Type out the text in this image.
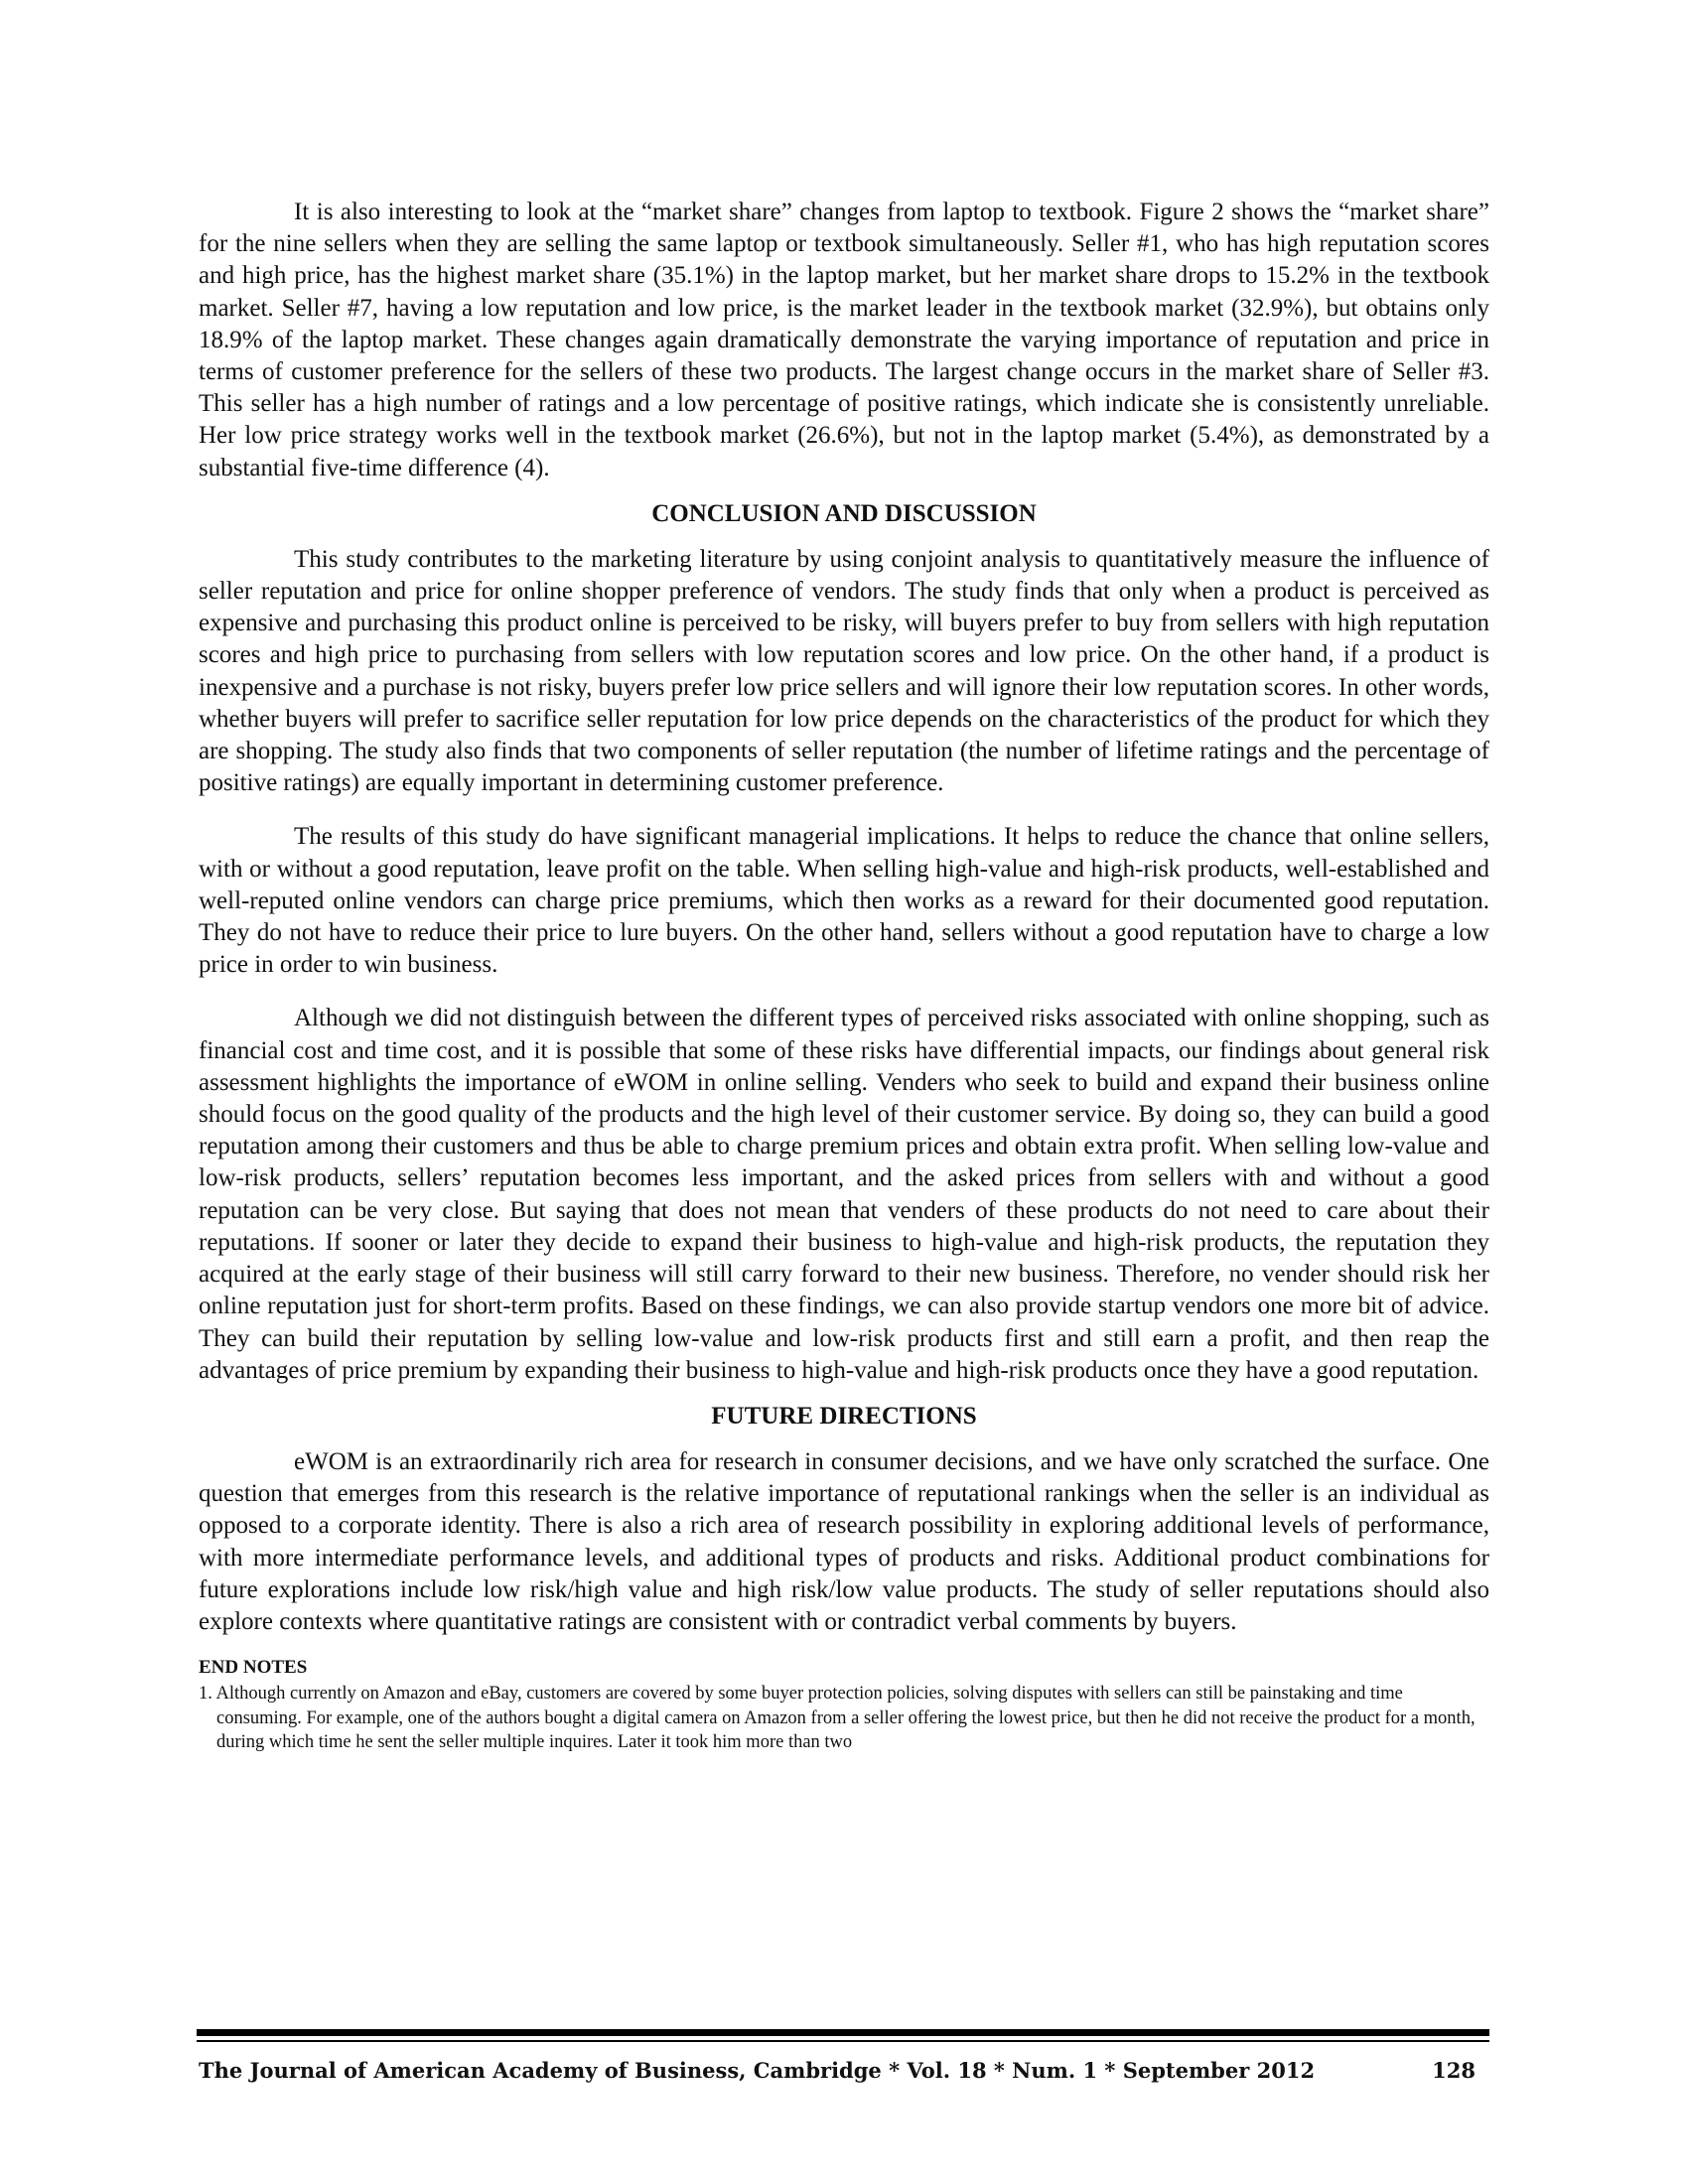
It is also interesting to look at the “market share” changes from laptop to textbook. Figure 2 shows the “market share” for the nine sellers when they are selling the same laptop or textbook simultaneously. Seller #1, who has high reputation scores and high price, has the highest market share (35.1%) in the laptop market, but her market share drops to 15.2% in the textbook market. Seller #7, having a low reputation and low price, is the market leader in the textbook market (32.9%), but obtains only 18.9% of the laptop market. These changes again dramatically demonstrate the varying importance of reputation and price in terms of customer preference for the sellers of these two products. The largest change occurs in the market share of Seller #3. This seller has a high number of ratings and a low percentage of positive ratings, which indicate she is consistently unreliable. Her low price strategy works well in the textbook market (26.6%), but not in the laptop market (5.4%), as demonstrated by a substantial five-time difference (4).

CONCLUSION AND DISCUSSION

This study contributes to the marketing literature by using conjoint analysis to quantitatively measure the influence of seller reputation and price for online shopper preference of vendors. The study finds that only when a product is perceived as expensive and purchasing this product online is perceived to be risky, will buyers prefer to buy from sellers with high reputation scores and high price to purchasing from sellers with low reputation scores and low price. On the other hand, if a product is inexpensive and a purchase is not risky, buyers prefer low price sellers and will ignore their low reputation scores. In other words, whether buyers will prefer to sacrifice seller reputation for low price depends on the characteristics of the product for which they are shopping. The study also finds that two components of seller reputation (the number of lifetime ratings and the percentage of positive ratings) are equally important in determining customer preference.

The results of this study do have significant managerial implications. It helps to reduce the chance that online sellers, with or without a good reputation, leave profit on the table. When selling high-value and high-risk products, well-established and well-reputed online vendors can charge price premiums, which then works as a reward for their documented good reputation. They do not have to reduce their price to lure buyers. On the other hand, sellers without a good reputation have to charge a low price in order to win business.

Although we did not distinguish between the different types of perceived risks associated with online shopping, such as financial cost and time cost, and it is possible that some of these risks have differential impacts, our findings about general risk assessment highlights the importance of eWOM in online selling. Venders who seek to build and expand their business online should focus on the good quality of the products and the high level of their customer service. By doing so, they can build a good reputation among their customers and thus be able to charge premium prices and obtain extra profit. When selling low-value and low-risk products, sellers’ reputation becomes less important, and the asked prices from sellers with and without a good reputation can be very close. But saying that does not mean that venders of these products do not need to care about their reputations. If sooner or later they decide to expand their business to high-value and high-risk products, the reputation they acquired at the early stage of their business will still carry forward to their new business. Therefore, no vender should risk her online reputation just for short-term profits. Based on these findings, we can also provide startup vendors one more bit of advice. They can build their reputation by selling low-value and low-risk products first and still earn a profit, and then reap the advantages of price premium by expanding their business to high-value and high-risk products once they have a good reputation.

FUTURE DIRECTIONS

eWOM is an extraordinarily rich area for research in consumer decisions, and we have only scratched the surface. One question that emerges from this research is the relative importance of reputational rankings when the seller is an individual as opposed to a corporate identity. There is also a rich area of research possibility in exploring additional levels of performance, with more intermediate performance levels, and additional types of products and risks. Additional product combinations for future explorations include low risk/high value and high risk/low value products. The study of seller reputations should also explore contexts where quantitative ratings are consistent with or contradict verbal comments by buyers.

END NOTES

1. Although currently on Amazon and eBay, customers are covered by some buyer protection policies, solving disputes with sellers can still be painstaking and time consuming. For example, one of the authors bought a digital camera on Amazon from a seller offering the lowest price, but then he did not receive the product for a month, during which time he sent the seller multiple inquires. Later it took him more than two

The Journal of American Academy of Business, Cambridge * Vol. 18 * Num. 1 * September 2012	128
